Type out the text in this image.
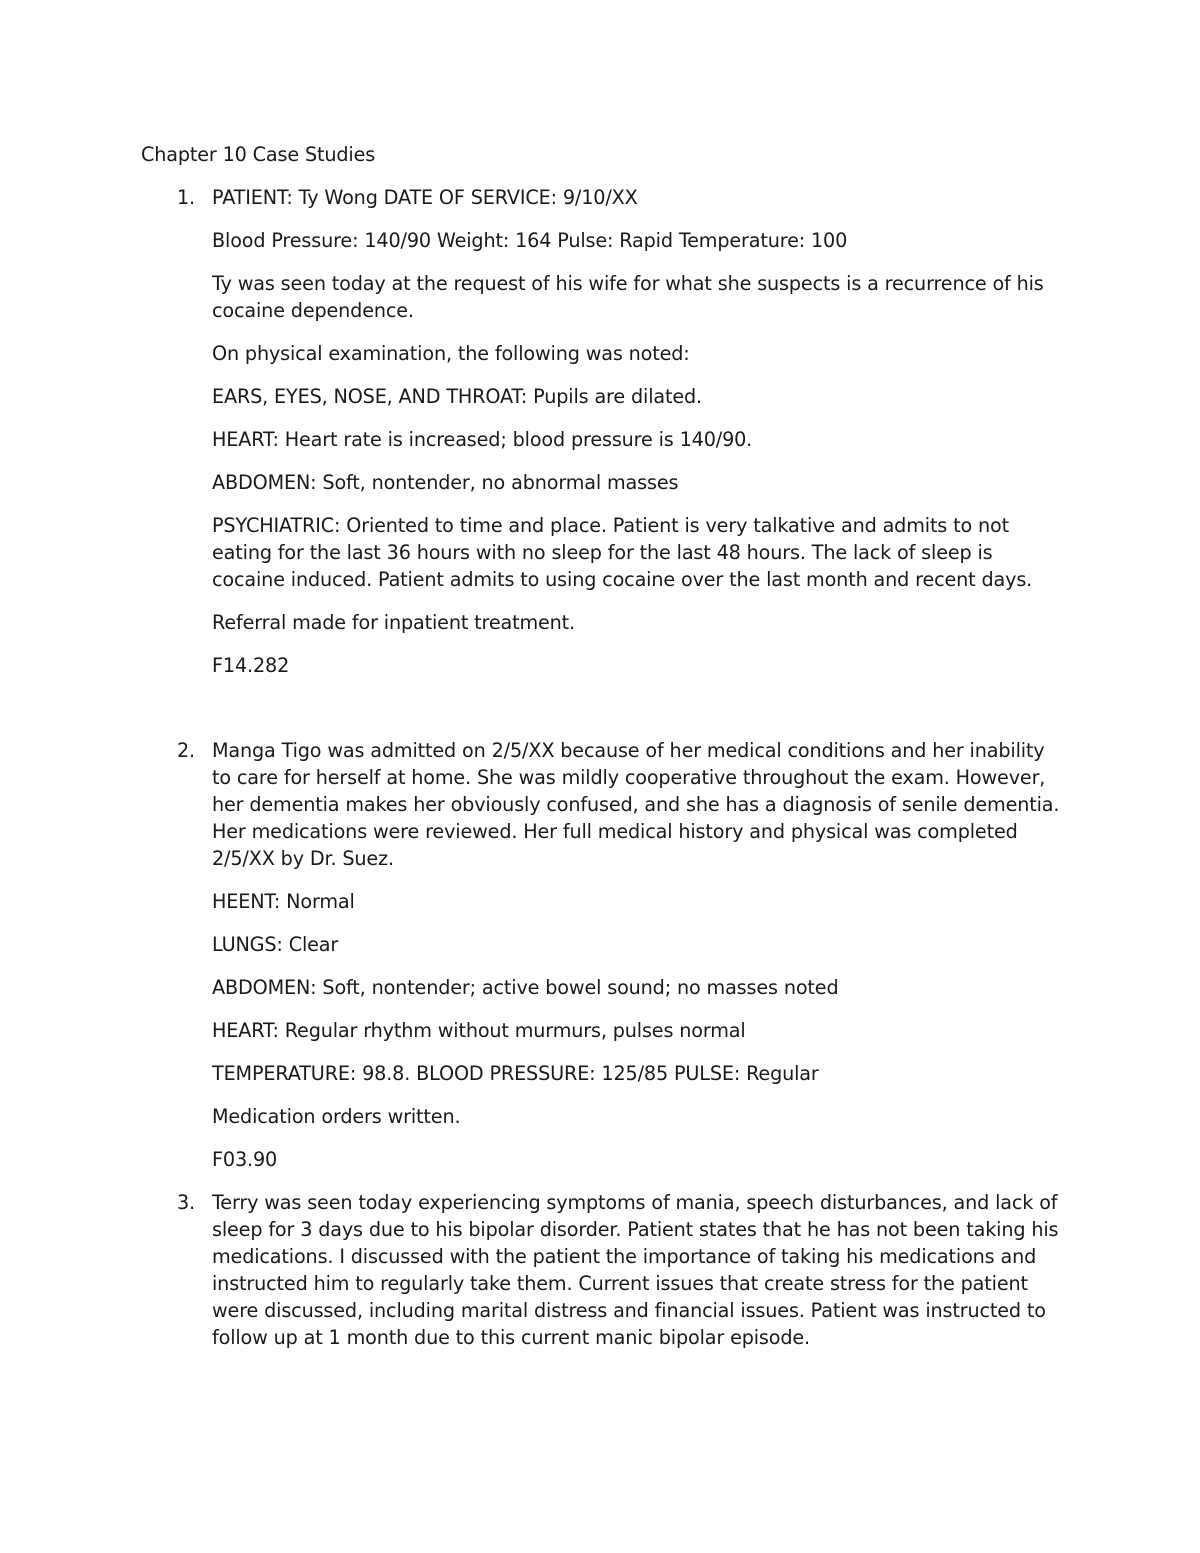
Chapter 10 Case Studies

1. PATIENT: Ty Wong DATE OF SERVICE: 9/10/XX

Blood Pressure: 140/90 Weight: 164 Pulse: Rapid Temperature: 100

Ty was seen today at the request of his wife for what she suspects is a recurrence of his cocaine dependence.

On physical examination, the following was noted:

EARS, EYES, NOSE, AND THROAT: Pupils are dilated.

HEART: Heart rate is increased; blood pressure is 140/90.

ABDOMEN: Soft, nontender, no abnormal masses

PSYCHIATRIC: Oriented to time and place. Patient is very talkative and admits to not eating for the last 36 hours with no sleep for the last 48 hours. The lack of sleep is cocaine induced. Patient admits to using cocaine over the last month and recent days.

Referral made for inpatient treatment.

F14.282

2. Manga Tigo was admitted on 2/5/XX because of her medical conditions and her inability to care for herself at home. She was mildly cooperative throughout the exam. However, her dementia makes her obviously confused, and she has a diagnosis of senile dementia. Her medications were reviewed. Her full medical history and physical was completed 2/5/XX by Dr. Suez.

HEENT: Normal

LUNGS: Clear

ABDOMEN: Soft, nontender; active bowel sound; no masses noted

HEART: Regular rhythm without murmurs, pulses normal

TEMPERATURE: 98.8. BLOOD PRESSURE: 125/85 PULSE: Regular

Medication orders written.

F03.90

3. Terry was seen today experiencing symptoms of mania, speech disturbances, and lack of sleep for 3 days due to his bipolar disorder. Patient states that he has not been taking his medications. I discussed with the patient the importance of taking his medications and instructed him to regularly take them. Current issues that create stress for the patient were discussed, including marital distress and financial issues. Patient was instructed to follow up at 1 month due to this current manic bipolar episode.
